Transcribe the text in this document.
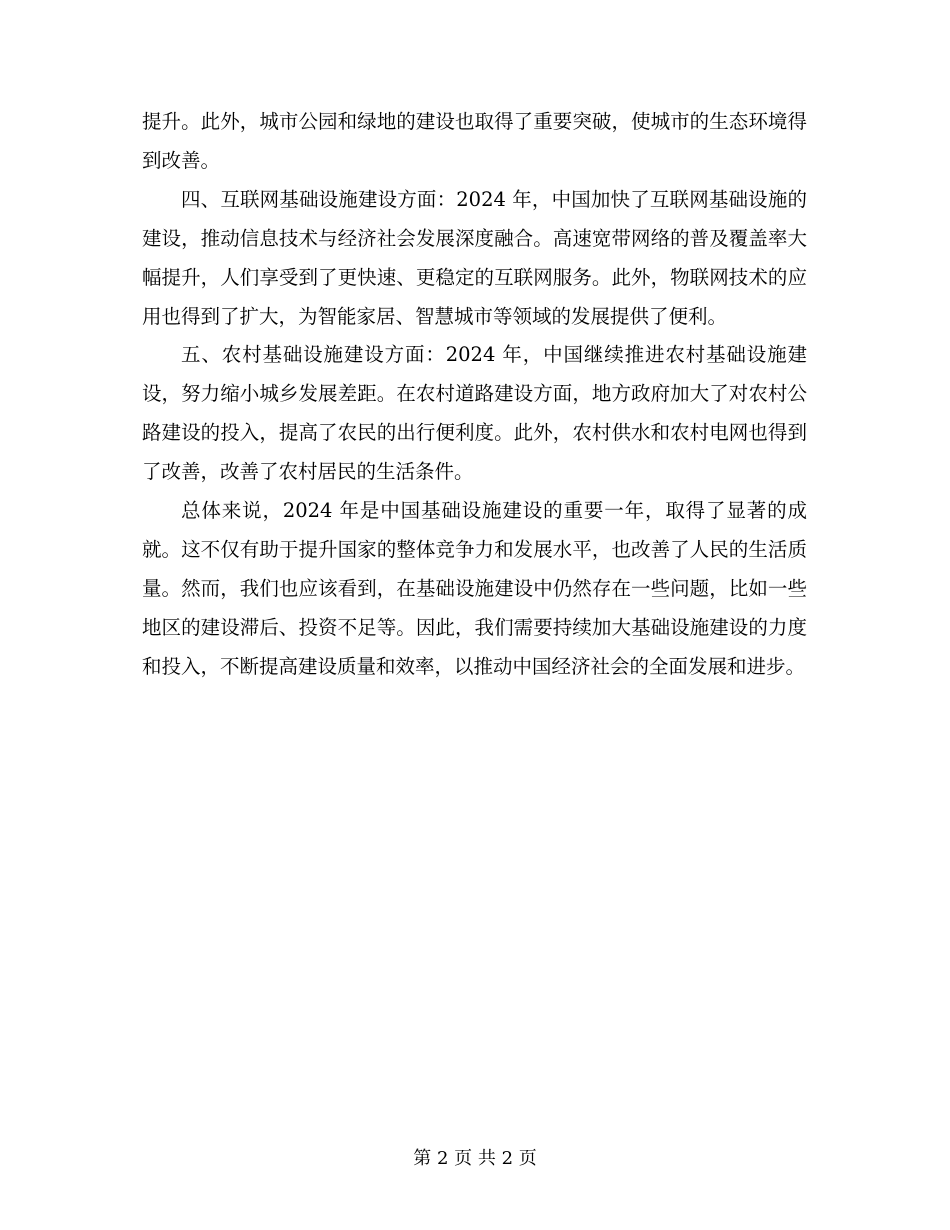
提升。此外，城市公园和绿地的建设也取得了重要突破，使城市的生态环境得到改善。

四、互联网基础设施建设方面：2024 年，中国加快了互联网基础设施的建设，推动信息技术与经济社会发展深度融合。高速宽带网络的普及覆盖率大幅提升，人们享受到了更快速、更稳定的互联网服务。此外，物联网技术的应用也得到了扩大，为智能家居、智慧城市等领域的发展提供了便利。

五、农村基础设施建设方面：2024 年，中国继续推进农村基础设施建设，努力缩小城乡发展差距。在农村道路建设方面，地方政府加大了对农村公路建设的投入，提高了农民的出行便利度。此外，农村供水和农村电网也得到了改善，改善了农村居民的生活条件。

总体来说，2024 年是中国基础设施建设的重要一年，取得了显著的成就。这不仅有助于提升国家的整体竞争力和发展水平，也改善了人民的生活质量。然而，我们也应该看到，在基础设施建设中仍然存在一些问题，比如一些地区的建设滞后、投资不足等。因此，我们需要持续加大基础设施建设的力度和投入，不断提高建设质量和效率，以推动中国经济社会的全面发展和进步。

第 2 页 共 2 页
